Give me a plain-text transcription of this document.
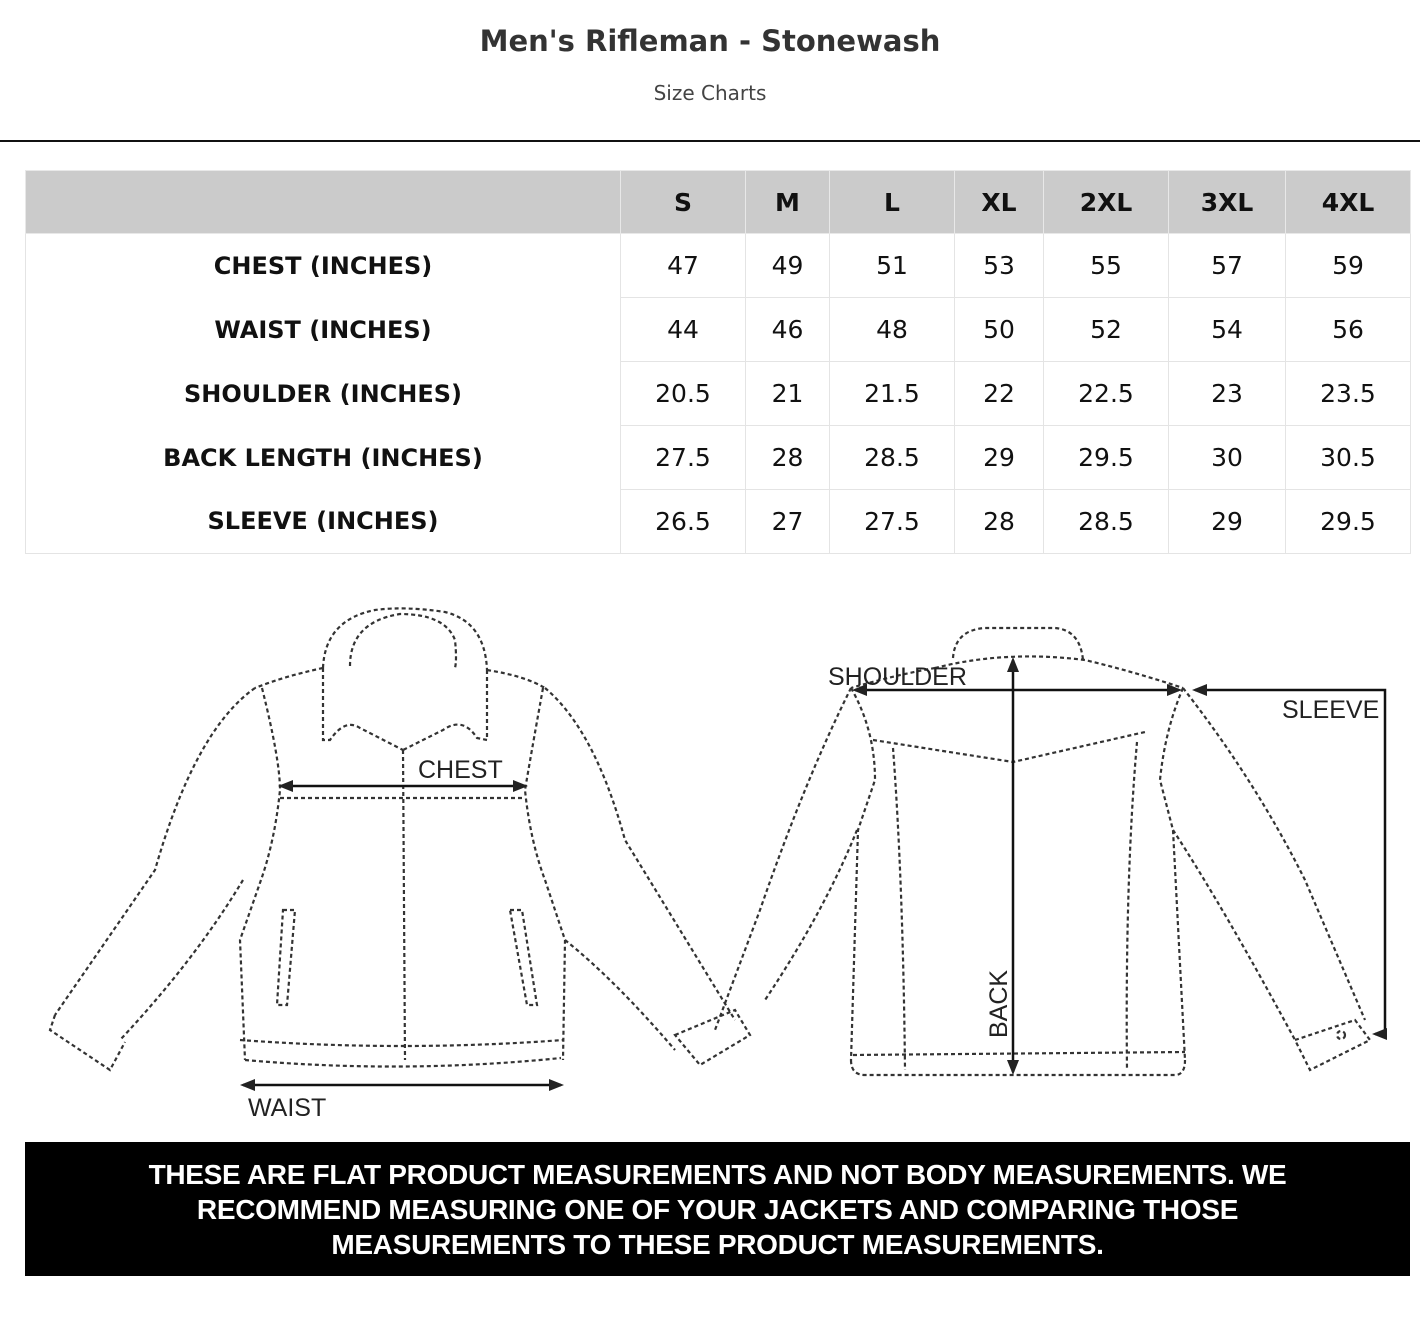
Men's Rifleman - Stonewash
Size Charts
	S	M	L	XL	2XL	3XL	4XL
CHEST (INCHES)	47	49	51	53	55	57	59
WAIST (INCHES)	44	46	48	50	52	54	56
SHOULDER (INCHES)	20.5	21	21.5	22	22.5	23	23.5
BACK LENGTH (INCHES)	27.5	28	28.5	29	29.5	30	30.5
SLEEVE (INCHES)	26.5	27	27.5	28	28.5	29	29.5
CHEST
WAIST
SHOULDER
BACK
SLEEVE
THESE ARE FLAT PRODUCT MEASUREMENTS AND NOT BODY MEASUREMENTS. WE RECOMMEND MEASURING ONE OF YOUR JACKETS AND COMPARING THOSE MEASUREMENTS TO THESE PRODUCT MEASUREMENTS.
